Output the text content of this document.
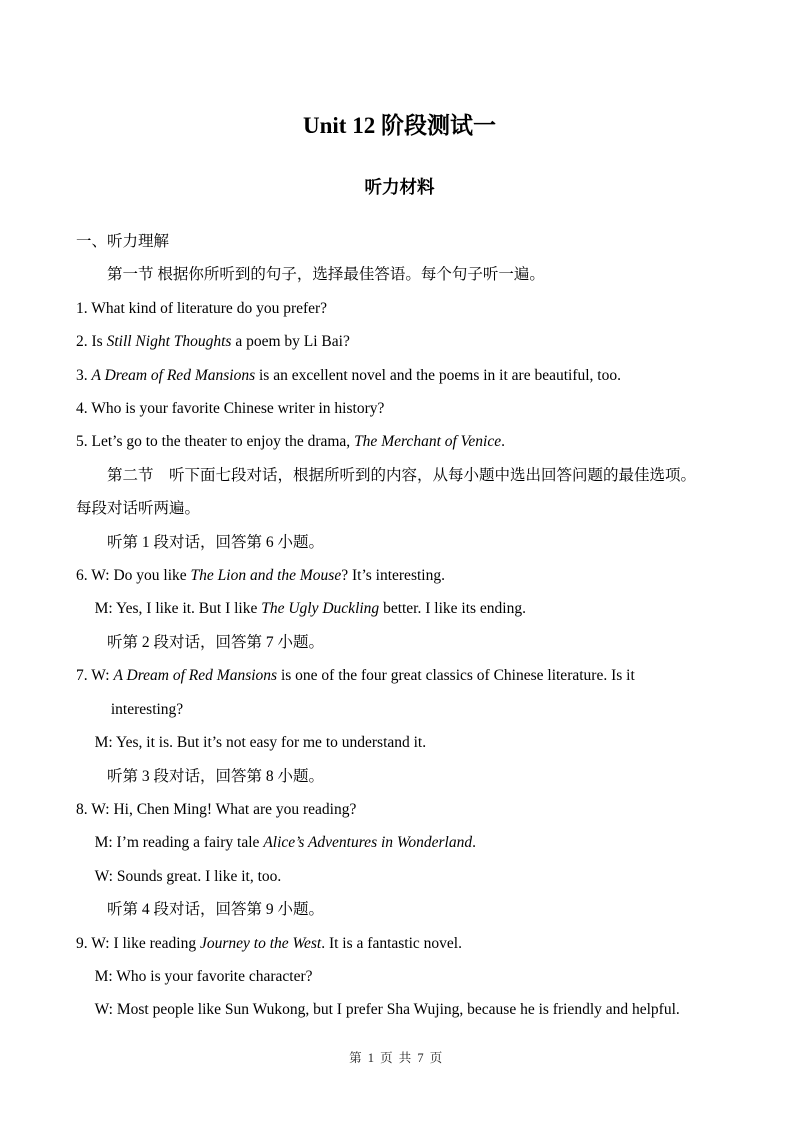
Unit 12 阶段测试一
听力材料

一、听力理解

第一节 根据你所听到的句子，选择最佳答语。每个句子听一遍。

1. What kind of literature do you prefer?

2. Is Still Night Thoughts a poem by Li Bai?

3. A Dream of Red Mansions is an excellent novel and the poems in it are beautiful, too.

4. Who is your favorite Chinese writer in history?

5. Let’s go to the theater to enjoy the drama, The Merchant of Venice.

第二节　听下面七段对话，根据所听到的内容，从每小题中选出回答问题的最佳选项。

每段对话听两遍。

听第 1 段对话，回答第 6 小题。

6. W: Do you like The Lion and the Mouse? It’s interesting.

M: Yes, I like it. But I like The Ugly Duckling better. I like its ending.

听第 2 段对话，回答第 7 小题。

7. W: A Dream of Red Mansions is one of the four great classics of Chinese literature. Is it

interesting?

M: Yes, it is. But it’s not easy for me to understand it.

听第 3 段对话，回答第 8 小题。

8. W: Hi, Chen Ming! What are you reading?

M: I’m reading a fairy tale Alice’s Adventures in Wonderland.

W: Sounds great. I like it, too.

听第 4 段对话，回答第 9 小题。

9. W: I like reading Journey to the West. It is a fantastic novel.

M: Who is your favorite character?

W: Most people like Sun Wukong, but I prefer Sha Wujing, because he is friendly and helpful.

第 1 页 共 7 页
